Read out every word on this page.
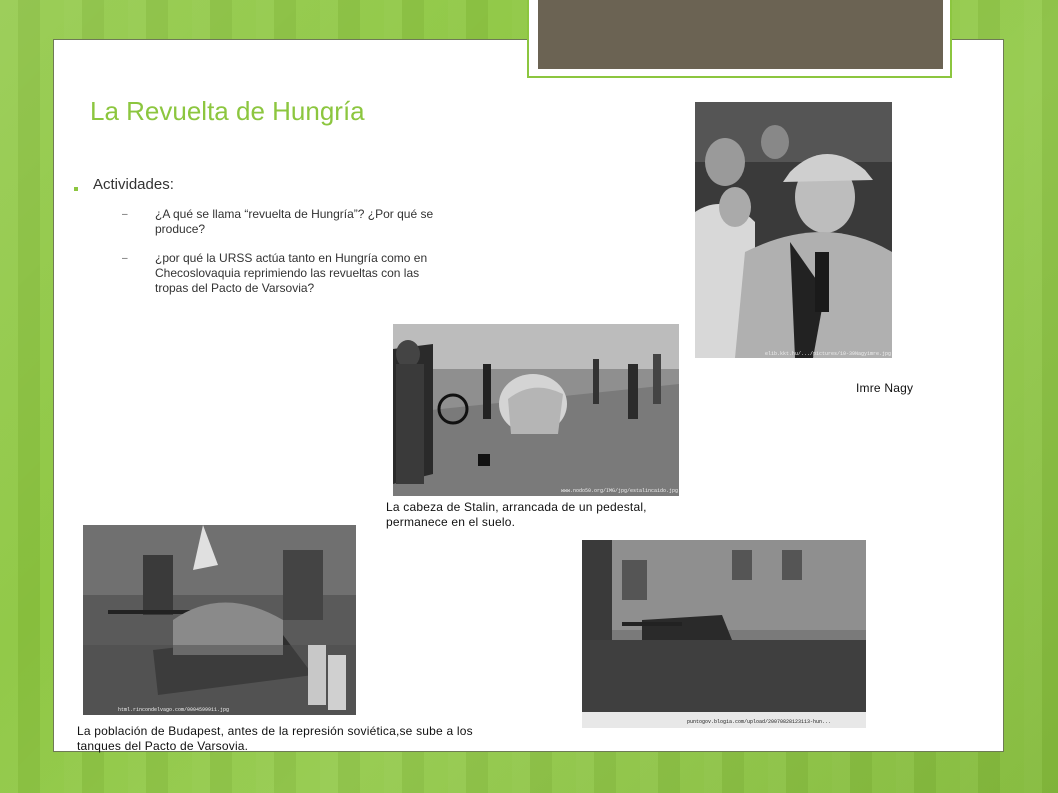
La Revuelta de Hungría
Actividades:
– ¿A qué se llama “revuelta de Hungría”? ¿Por qué se produce?
– ¿por qué la URSS actúa tanto en Hungría como en Checoslovaquia reprimiendo las revueltas con las tropas del Pacto de Varsovia?
elib.kkt.hu/.../pictures/10-39Nagyimre.jpg
Imre Nagy
www.nodo50.org/IMG/jpg/estalincaido.jpg
La cabeza de Stalin, arrancada de un pedestal, permanece en el suelo.
html.rincondelvago.com/0004599911.jpg
La población de Budapest, antes de la represión soviética,se sube a los tanques del Pacto de Varsovia.
puntogov.blogia.com/upload/20070828123113-hun...
